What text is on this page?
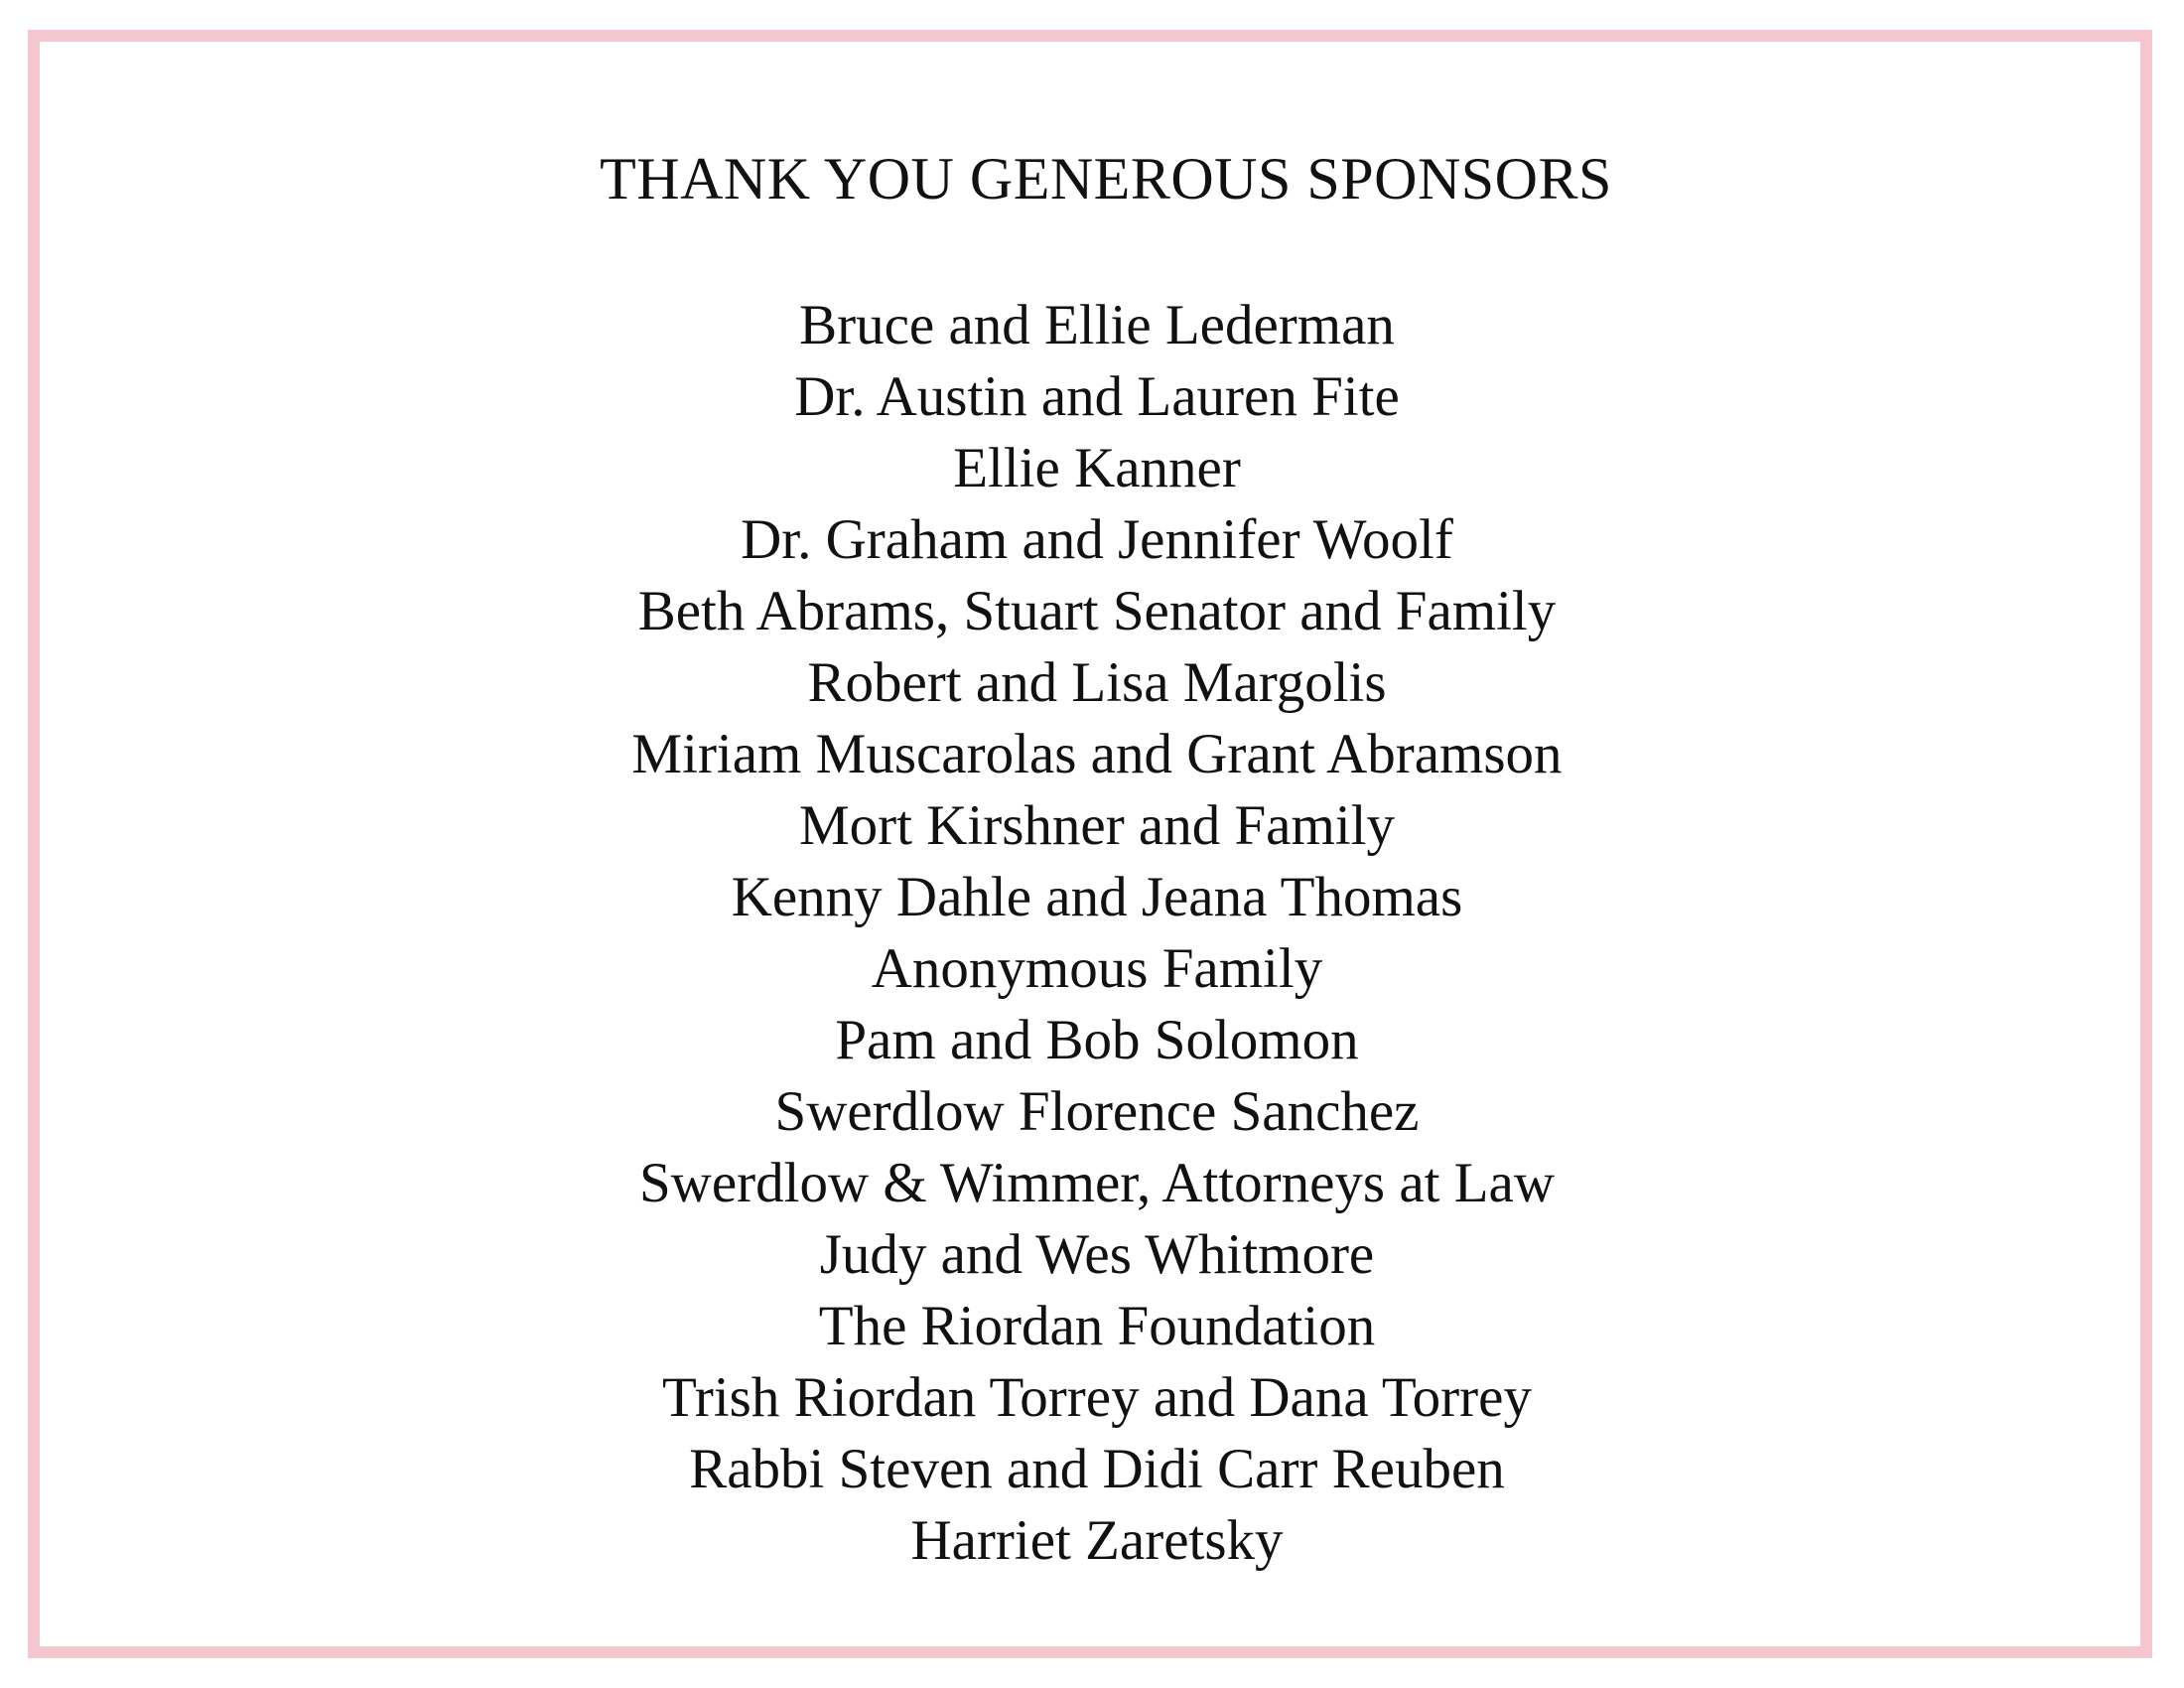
THANK YOU GENEROUS SPONSORS
Bruce and Ellie Lederman
Dr. Austin and Lauren Fite
Ellie Kanner
Dr. Graham and Jennifer Woolf
Beth Abrams, Stuart Senator and Family
Robert and Lisa Margolis
Miriam Muscarolas and Grant Abramson
Mort Kirshner and Family
Kenny Dahle and Jeana Thomas
Anonymous Family
Pam and Bob Solomon
Swerdlow Florence Sanchez
Swerdlow & Wimmer, Attorneys at Law
Judy and Wes Whitmore
The Riordan Foundation
Trish Riordan Torrey and Dana Torrey
Rabbi Steven and Didi Carr Reuben
Harriet Zaretsky
